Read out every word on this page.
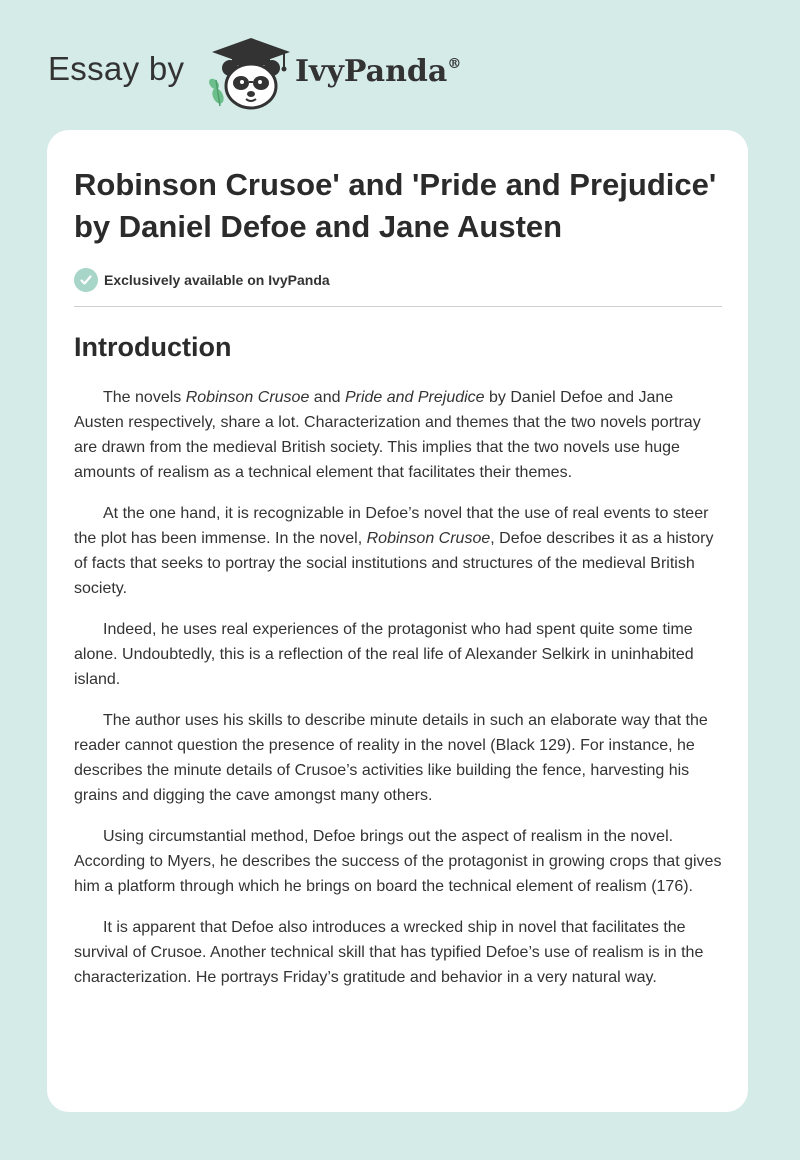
Essay by	IvyPanda®
Robinson Crusoe' and 'Pride and Prejudice' by Daniel Defoe and Jane Austen
Exclusively available on IvyPanda
Introduction

The novels Robinson Crusoe and Pride and Prejudice by Daniel Defoe and Jane Austen respectively, share a lot. Characterization and themes that the two novels portray are drawn from the medieval British society. This implies that the two novels use huge amounts of realism as a technical element that facilitates their themes.

At the one hand, it is recognizable in Defoe’s novel that the use of real events to steer the plot has been immense. In the novel, Robinson Crusoe, Defoe describes it as a history of facts that seeks to portray the social institutions and structures of the medieval British society.

Indeed, he uses real experiences of the protagonist who had spent quite some time alone. Undoubtedly, this is a reflection of the real life of Alexander Selkirk in uninhabited island.

The author uses his skills to describe minute details in such an elaborate way that the reader cannot question the presence of reality in the novel (Black 129). For instance, he describes the minute details of Crusoe’s activities like building the fence, harvesting his grains and digging the cave amongst many others.

Using circumstantial method, Defoe brings out the aspect of realism in the novel. According to Myers, he describes the success of the protagonist in growing crops that gives him a platform through which he brings on board the technical element of realism (176).

It is apparent that Defoe also introduces a wrecked ship in novel that facilitates the survival of Crusoe. Another technical skill that has typified Defoe’s use of realism is in the characterization. He portrays Friday’s gratitude and behavior in a very natural way.
